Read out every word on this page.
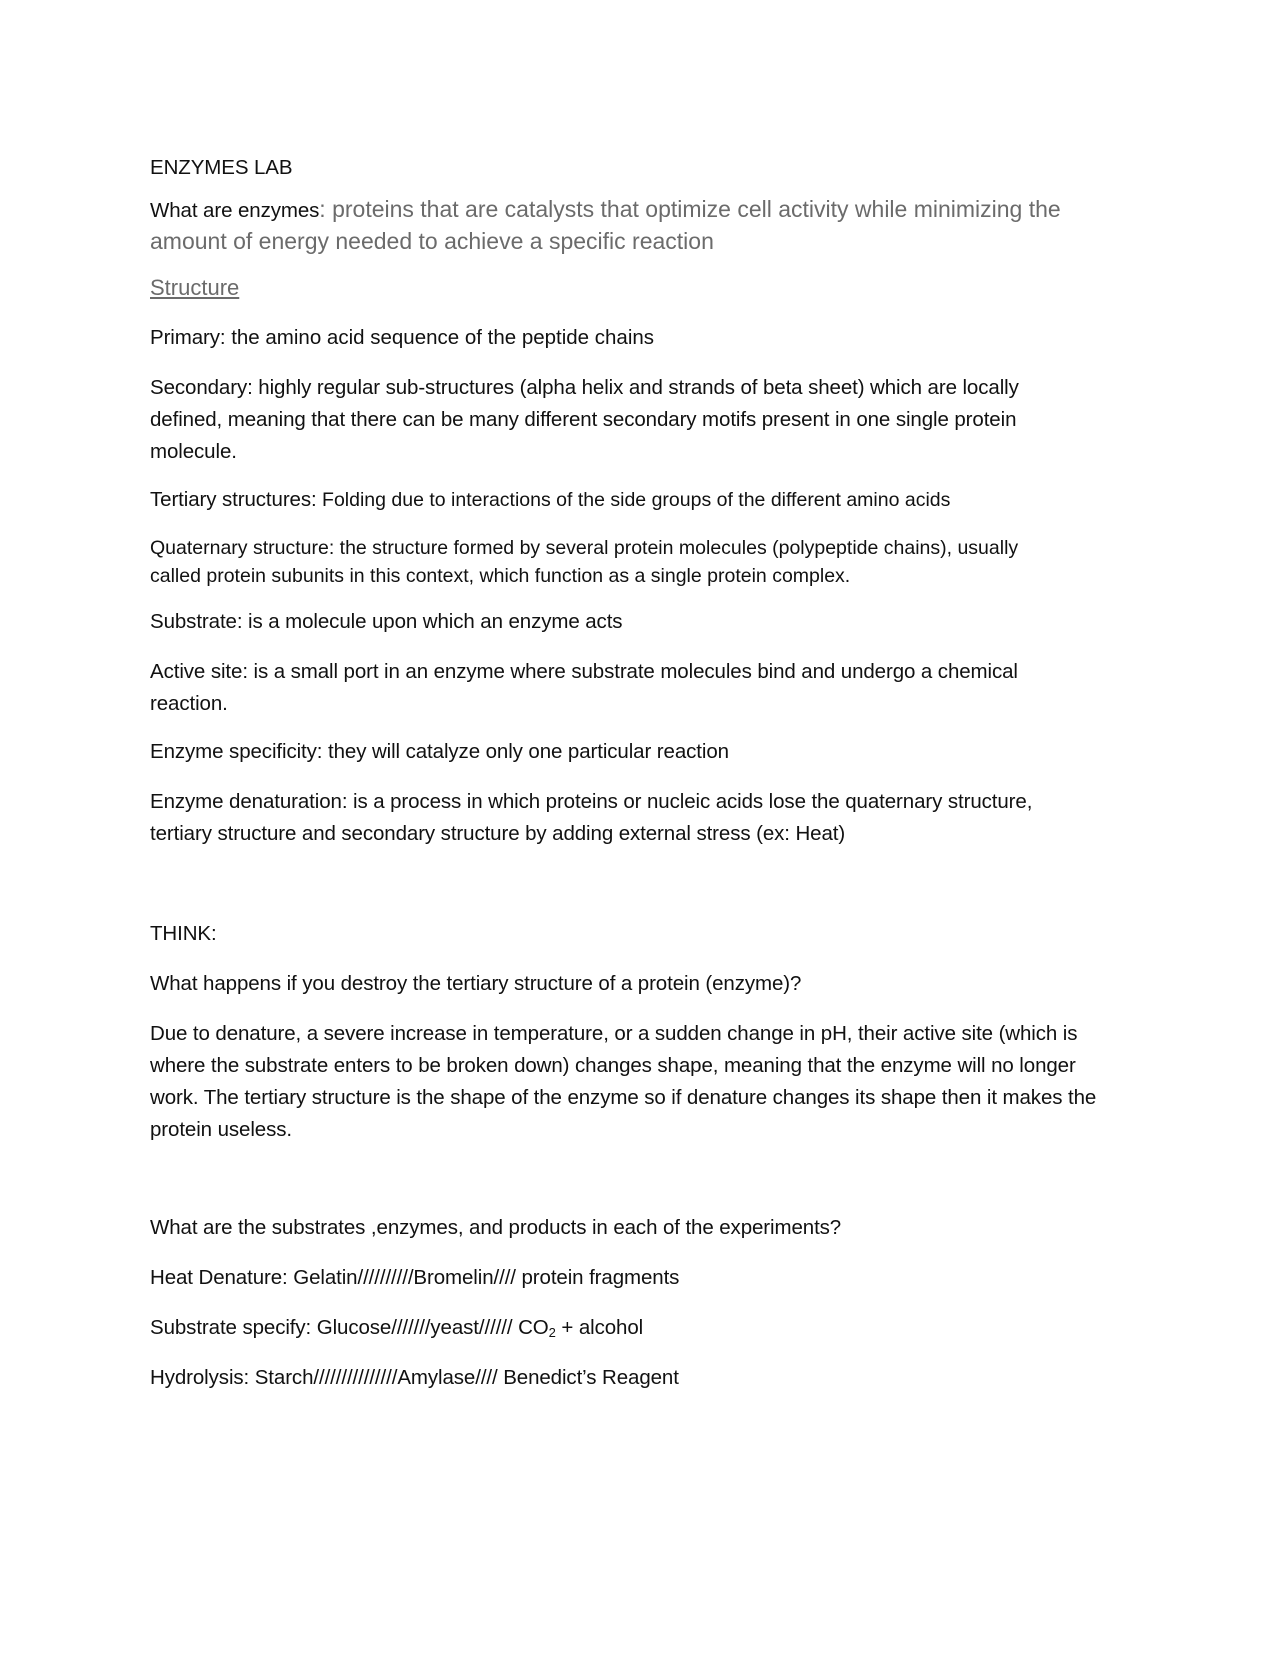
ENZYMES LAB

What are enzymes: proteins that are catalysts that optimize cell activity while minimizing the amount of energy needed to achieve a specific reaction

Structure

Primary: the amino acid sequence of the peptide chains

Secondary: highly regular sub-structures (alpha helix and strands of beta sheet) which are locally defined, meaning that there can be many different secondary motifs present in one single protein molecule.

Tertiary structures: Folding due to interactions of the side groups of the different amino acids

Quaternary structure: the structure formed by several protein molecules (polypeptide chains), usually called protein subunits in this context, which function as a single protein complex.

Substrate: is a molecule upon which an enzyme acts

Active site: is a small port in an enzyme where substrate molecules bind and undergo a chemical reaction.

Enzyme specificity: they will catalyze only one particular reaction

Enzyme denaturation: is a process in which proteins or nucleic acids lose the quaternary structure, tertiary structure and secondary structure by adding external stress (ex: Heat)

THINK:

What happens if you destroy the tertiary structure of a protein (enzyme)?

Due to denature, a severe increase in temperature, or a sudden change in pH, their active site (which is where the substrate enters to be broken down) changes shape, meaning that the enzyme will no longer work. The tertiary structure is the shape of the enzyme so if denature changes its shape then it makes the protein useless.

What are the substrates ,enzymes, and products in each of the experiments?

Heat Denature: Gelatin//////////Bromelin//// protein fragments

Substrate specify: Glucose///////yeast////// $CO_2$ + alcohol

Hydrolysis: Starch///////////////Amylase//// Benedict’s Reagent
